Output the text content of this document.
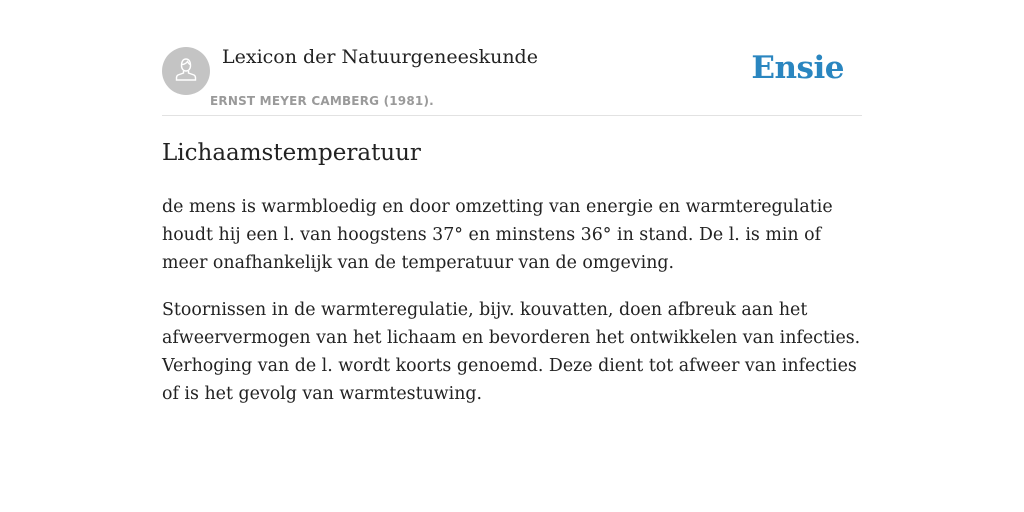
Lexicon der Natuurgeneeskunde
ERNST MEYER CAMBERG (1981).
Ensie
Lichaamstemperatuur

de mens is warmbloedig en door omzetting van energie en warmteregulatie houdt hij een l. van hoogstens 37° en minstens 36° in stand. De l. is min of meer onafhankelijk van de temperatuur van de omgeving.

Stoornissen in de warmteregulatie, bijv. kouvatten, doen afbreuk aan het afweervermogen van het lichaam en bevorderen het ontwikkelen van infecties. Verhoging van de l. wordt koorts genoemd. Deze dient tot afweer van infecties of is het gevolg van warmtestuwing.
